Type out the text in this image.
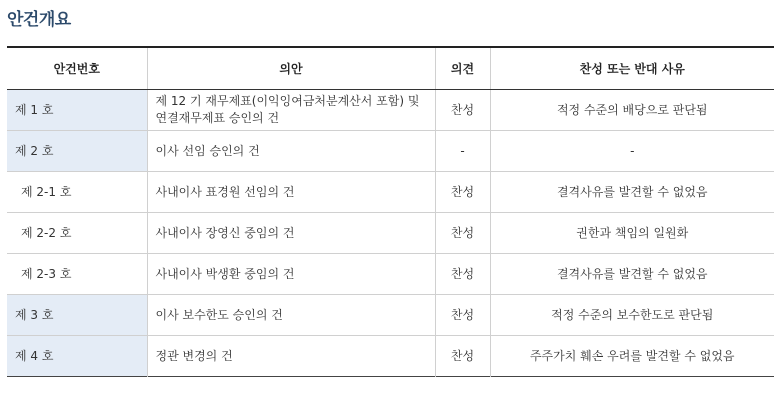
안건개요
안건번호	의안	의견	찬성 또는 반대 사유
제 1 호	제 12 기 재무제표(이익잉여금처분계산서 포함) 및 연결재무제표 승인의 건	찬성	적정 수준의 배당으로 판단됨
제 2 호	이사 선임 승인의 건	-	-
제 2-1 호	사내이사 표경원 선임의 건	찬성	결격사유를 발견할 수 없었음
제 2-2 호	사내이사 장영신 중임의 건	찬성	권한과 책임의 일원화
제 2-3 호	사내이사 박생환 중임의 건	찬성	결격사유를 발견할 수 없었음
제 3 호	이사 보수한도 승인의 건	찬성	적정 수준의 보수한도로 판단됨
제 4 호	정관 변경의 건	찬성	주주가치 훼손 우려를 발견할 수 없었음
